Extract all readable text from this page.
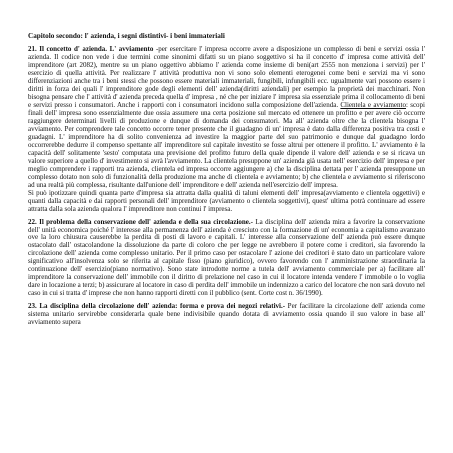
Capitolo secondo: l' azienda, i segni distintivi- i beni immateriali

21. Il concetto d' azienda. L' avviamento -per esercitare l' impresa occorre avere a disposizione un complesso di beni e servizi ossia l' azienda. Il codice non vede i due termini come sinonimi difatti su un piano soggettivo si ha il concetto d' impresa come attività dell' imprenditore (art 2082), mentre su un piano oggettivo abbiamo l' azienda come insieme di beni(art 2555 non menziona i servizi) per l' esercizio di quella attività. Per realizzare l' attività produttiva non vi sono solo elementi eterogenei come beni e servizi ma vi sono differenziazioni anche tra i beni stessi che possono essere materiali immateriali, fungibili, infungibili ecc. ugualmente vari possono essere i diritti in forza dei quali l' imprenditore gode degli elementi dell' azienda(diritti aziendali) per esempio la proprietà dei macchinari. Non bisogna pensare che l' attività d' azienda preceda quella d' impresa , né che per iniziare l' impresa sia essenziale prima il collocamento di beni e servizi presso i consumatori. Anche i rapporti con i consumatori incidono sulla composizione dell'azienda. Clientela e avviamento: scopi finali dell' impresa sono essenzialmente due ossia assumere una certa posizione sul mercato ed ottenere un profitto e per avere ciò occorre raggiungere determinati livelli di produzione e dunque di domanda dei consumatori. Ma all' azienda oltre che la clientela bisogna l' avviamento. Per comprendere tale concetto occorre tener presente che il guadagno di un' impresa è dato dalla differenza positiva tra costi e guadagni. L' imprenditore ha di solito convenienza ad investire la maggior parte del suo patrimonio e dunque dal guadagno lordo occorrerebbe dedurre il compenso spettante all' imprenditore sul capitale investito se fosse altrui per ottenere il profitto. L' avviamento è la capacità dell' solitamente 'sesto' computata una previsione del profitto futuro della quale dipende il valore dell' azienda e se si ricava un valore superiore a quello d' investimento si avrà l'avviamento. La clientela presuppone un' azienda già usata nell' esercizio dell' impresa e per meglio comprendere i rapporti tra azienda, clientela ed impresa occorre aggiungere a) che la disciplina dettata per l' azienda presuppone un complesso dotato non solo di funzionalità della produzione ma anche di clientela e avviamento; b) che clientela e avviamento si riferiscono ad una realtà più complessa, risultante dall'unione dell' imprenditore e dell' azienda nell'esercizio dell' impresa.
Si può ipotizzare quindi quanta parte d'impresa sia attratta dalla qualità di taluni elementi dell' impresa(avviamento e clientela oggettivi) e quanti dalla capacità e dai rapporti personali dell' imprenditore (avviamento o clientela soggettivi), quest' ultima potrà continuare ad essere attratta dalla sola azienda qualora l' imprenditore non continui l' impresa.

22. Il problema della conservazione dell' azienda e della sua circolazione.- La disciplina dell' azienda mira a favorire la conservazione dell' unità economica poiché l' interesse alla permanenza dell' azienda è cresciuto con la formazione di un' economia a capitalismo avanzato ove la loro chiusura causerebbe la perdita di posti di lavoro e capitali. L' interesse alla conservazione dell' azienda può essere dunque ostacolato dall' ostacolandone la dissoluzione da parte di coloro che per legge ne avrebbero il potere come i creditori, sia favorendo la circolazione dell' azienda come complesso unitario. Per il primo caso per ostacolare l' azione dei creditori è stato dato un particolare valore significativo all'insolvenza solo se riferita al capitale fisso (piano giuridico), ovvero favorendo con l' amministrazione straordinaria la continuazione dell' esercizio(piano normativo). Sono state introdotte norme a tutela dell' avviamento commerciale per a) facilitare all' imprenditore la conservazione dell' immobile con il diritto di prelazione nel caso in cui il locatore intenda vendere l' immobile o lo voglia dare in locazione a terzi; b) assicurare al locatore in caso di perdita dell' immobile un indennizzo a carico del locatore che non sarà dovuto nel caso in cui si tratta d' imprese che non hanno rapporti diretti con il pubblico (sent. Corte cost n. 36/1990).

23. La disciplina della circolazione dell' azienda: forma e prova dei negozi relativi.- Per facilitare la circolazione dell' azienda come sistema unitario servirebbe considerarla quale bene indivisibile quando dotata di avviamento ossia quando il suo valore in base all' avviamento supera
